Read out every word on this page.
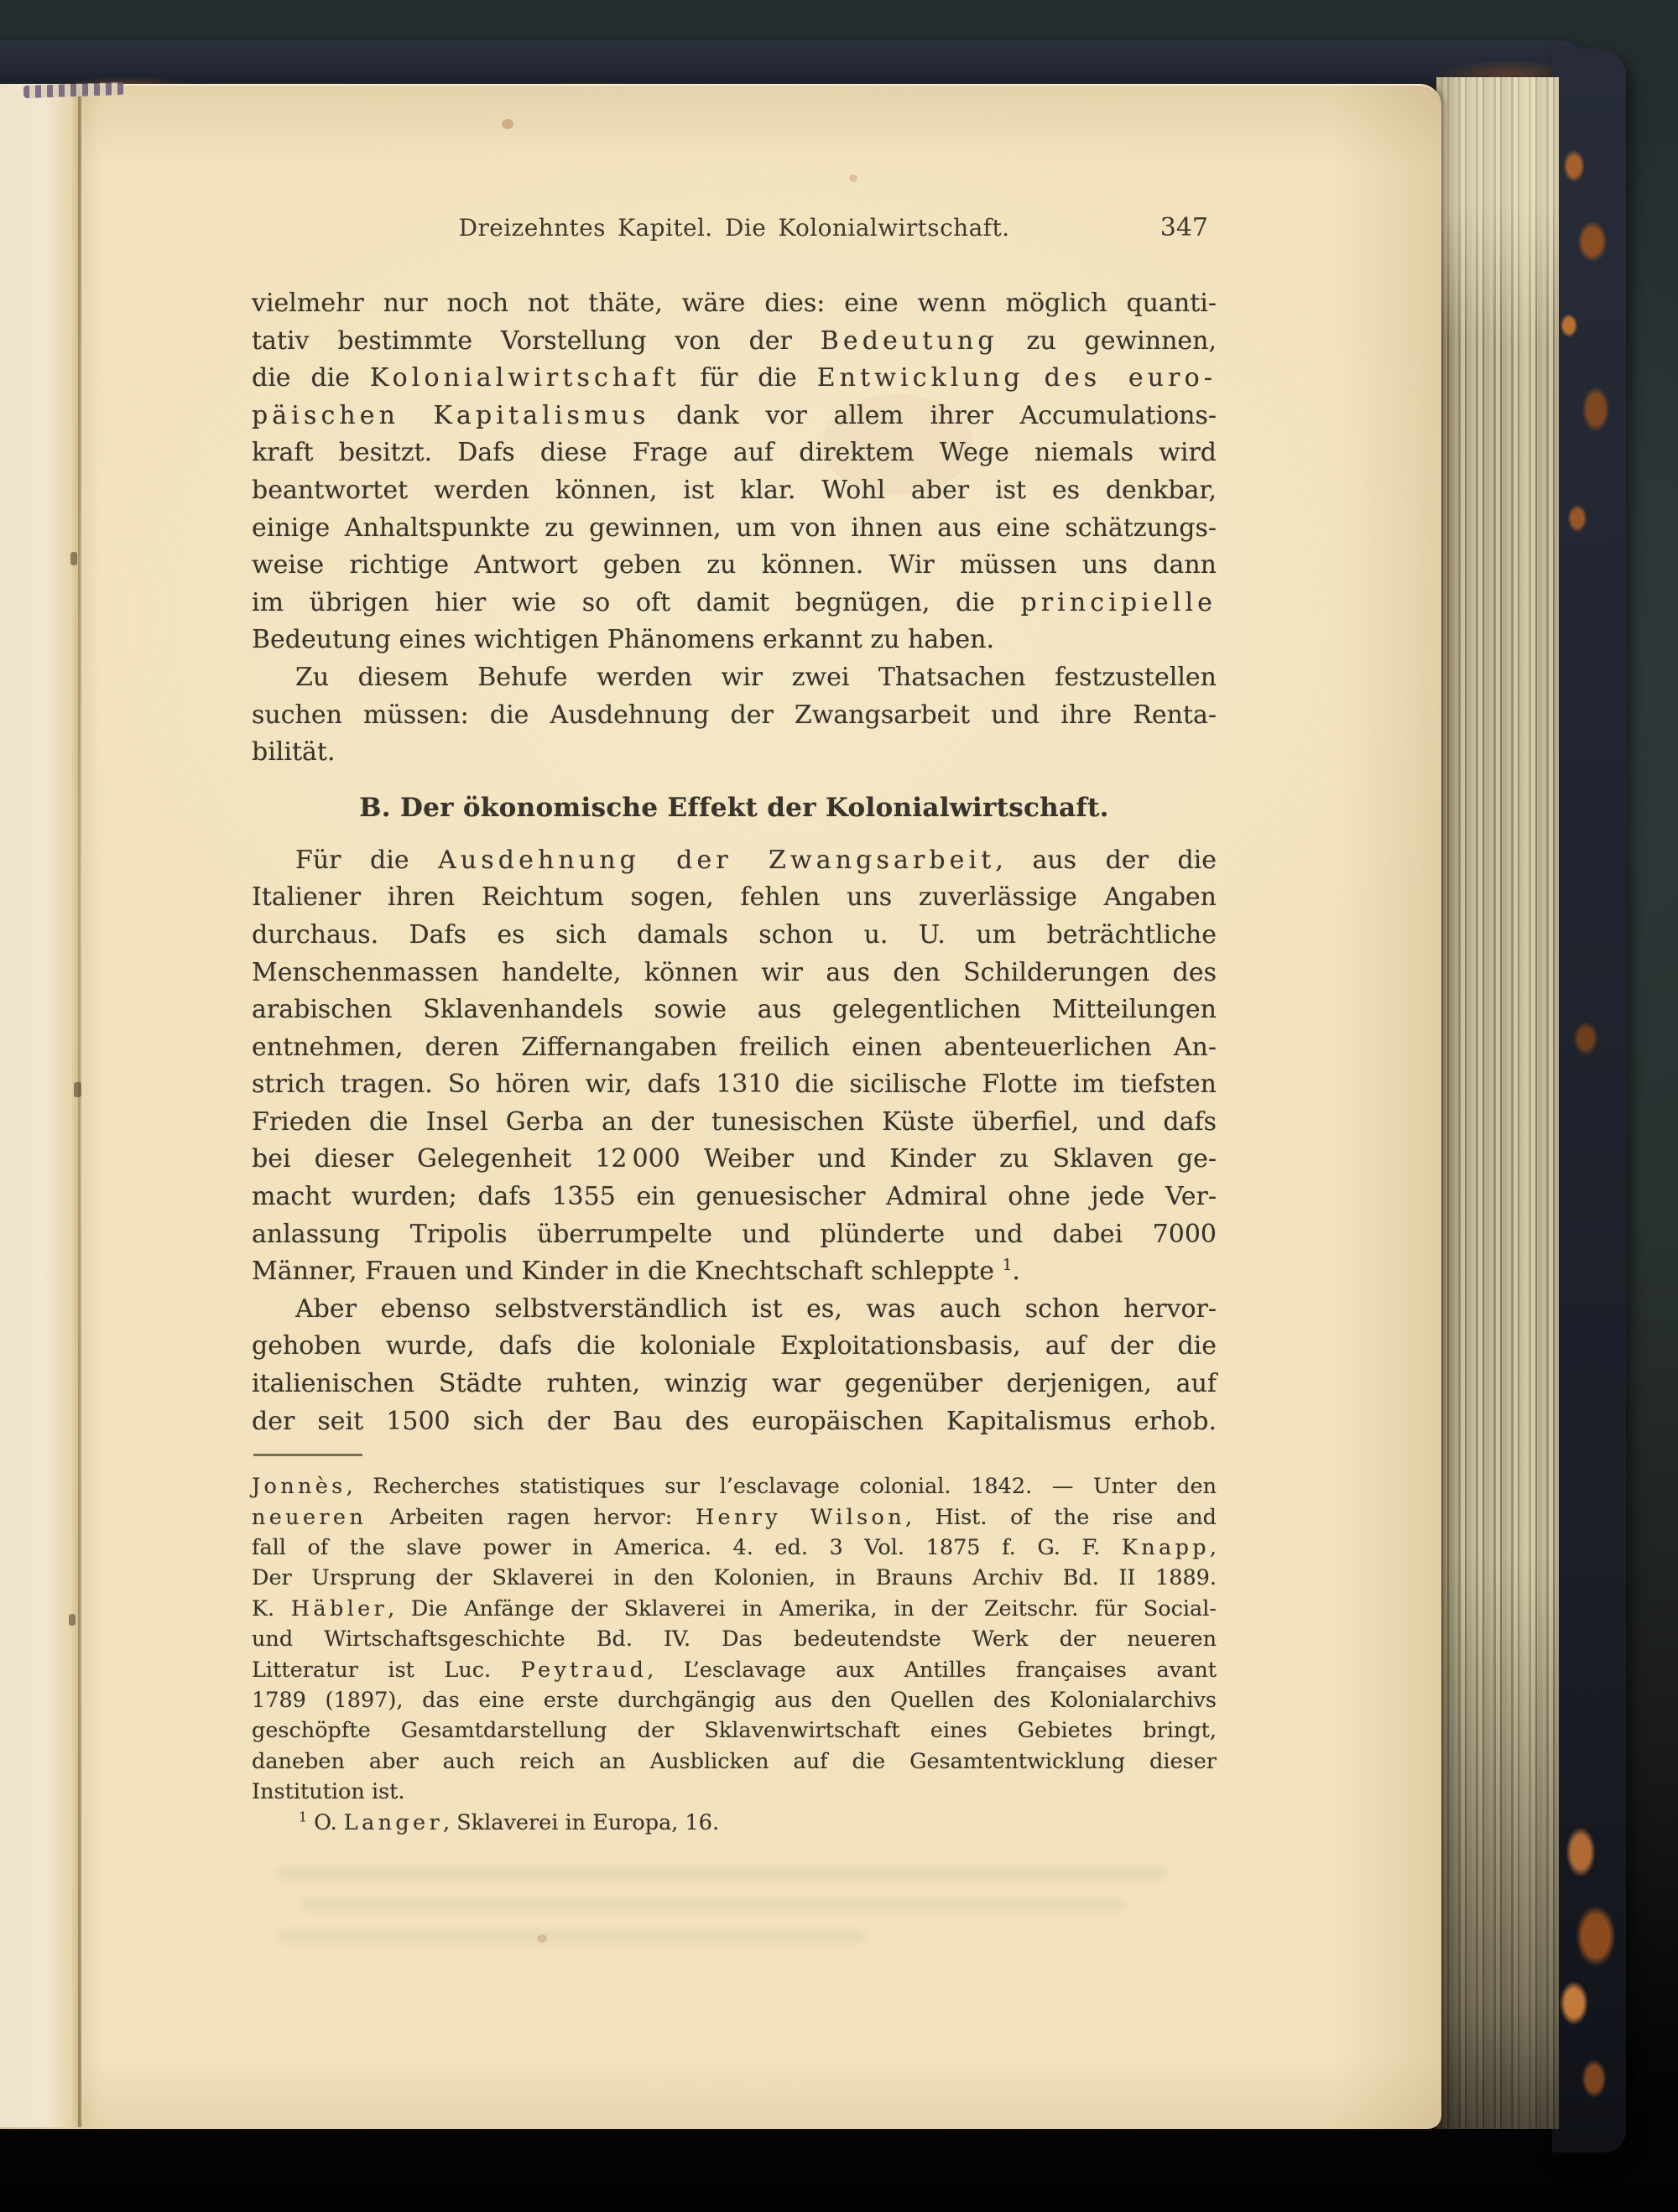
Dreizehntes Kapitel. Die Kolonialwirtschaft.	347
vielmehr nur noch not thäte, wäre dies: eine wenn möglich quanti-
tativ bestimmte Vorstellung von der Bedeutung zu gewinnen,
die die Kolonialwirtschaft für die Entwicklung des euro-
päischen Kapitalismus dank vor allem ihrer Accumulations-
kraft besitzt. Dafs diese Frage auf direktem Wege niemals wird
beantwortet werden können, ist klar. Wohl aber ist es denkbar,
einige Anhaltspunkte zu gewinnen, um von ihnen aus eine schätzungs-
weise richtige Antwort geben zu können. Wir müssen uns dann
im übrigen hier wie so oft damit begnügen, die principielle
Bedeutung eines wichtigen Phänomens erkannt zu haben.
Zu diesem Behufe werden wir zwei Thatsachen festzustellen
suchen müssen: die Ausdehnung der Zwangsarbeit und ihre Renta-
bilität.
B. Der ökonomische Effekt der Kolonialwirtschaft.
Für die Ausdehnung der Zwangsarbeit, aus der die
Italiener ihren Reichtum sogen, fehlen uns zuverlässige Angaben
durchaus. Dafs es sich damals schon u. U. um beträchtliche
Menschenmassen handelte, können wir aus den Schilderungen des
arabischen Sklavenhandels sowie aus gelegentlichen Mitteilungen
entnehmen, deren Ziffernangaben freilich einen abenteuerlichen An-
strich tragen. So hören wir, dafs 1310 die sicilische Flotte im tiefsten
Frieden die Insel Gerba an der tunesischen Küste überfiel, und dafs
bei dieser Gelegenheit 12 000 Weiber und Kinder zu Sklaven ge-
macht wurden; dafs 1355 ein genuesischer Admiral ohne jede Ver-
anlassung Tripolis überrumpelte und plünderte und dabei 7000
Männer, Frauen und Kinder in die Knechtschaft schleppte $^1$.
Aber ebenso selbstverständlich ist es, was auch schon hervor-
gehoben wurde, dafs die koloniale Exploitationsbasis, auf der die
italienischen Städte ruhten, winzig war gegenüber derjenigen, auf
der seit 1500 sich der Bau des europäischen Kapitalismus erhob.
Jonnès, Recherches statistiques sur l’esclavage colonial. 1842. — Unter den
neueren Arbeiten ragen hervor: Henry Wilson, Hist. of the rise and
fall of the slave power in America. 4. ed. 3 Vol. 1875 f. G. F. Knapp,
Der Ursprung der Sklaverei in den Kolonien, in Brauns Archiv Bd. II 1889.
K. Häbler, Die Anfänge der Sklaverei in Amerika, in der Zeitschr. für Social-
und Wirtschaftsgeschichte Bd. IV. Das bedeutendste Werk der neueren
Litteratur ist Luc. Peytraud, L’esclavage aux Antilles françaises avant
1789 (1897), das eine erste durchgängig aus den Quellen des Kolonialarchivs
geschöpfte Gesamtdarstellung der Sklavenwirtschaft eines Gebietes bringt,
daneben aber auch reich an Ausblicken auf die Gesamtentwicklung dieser
Institution ist.
$^1$ O. Langer, Sklaverei in Europa, 16.
